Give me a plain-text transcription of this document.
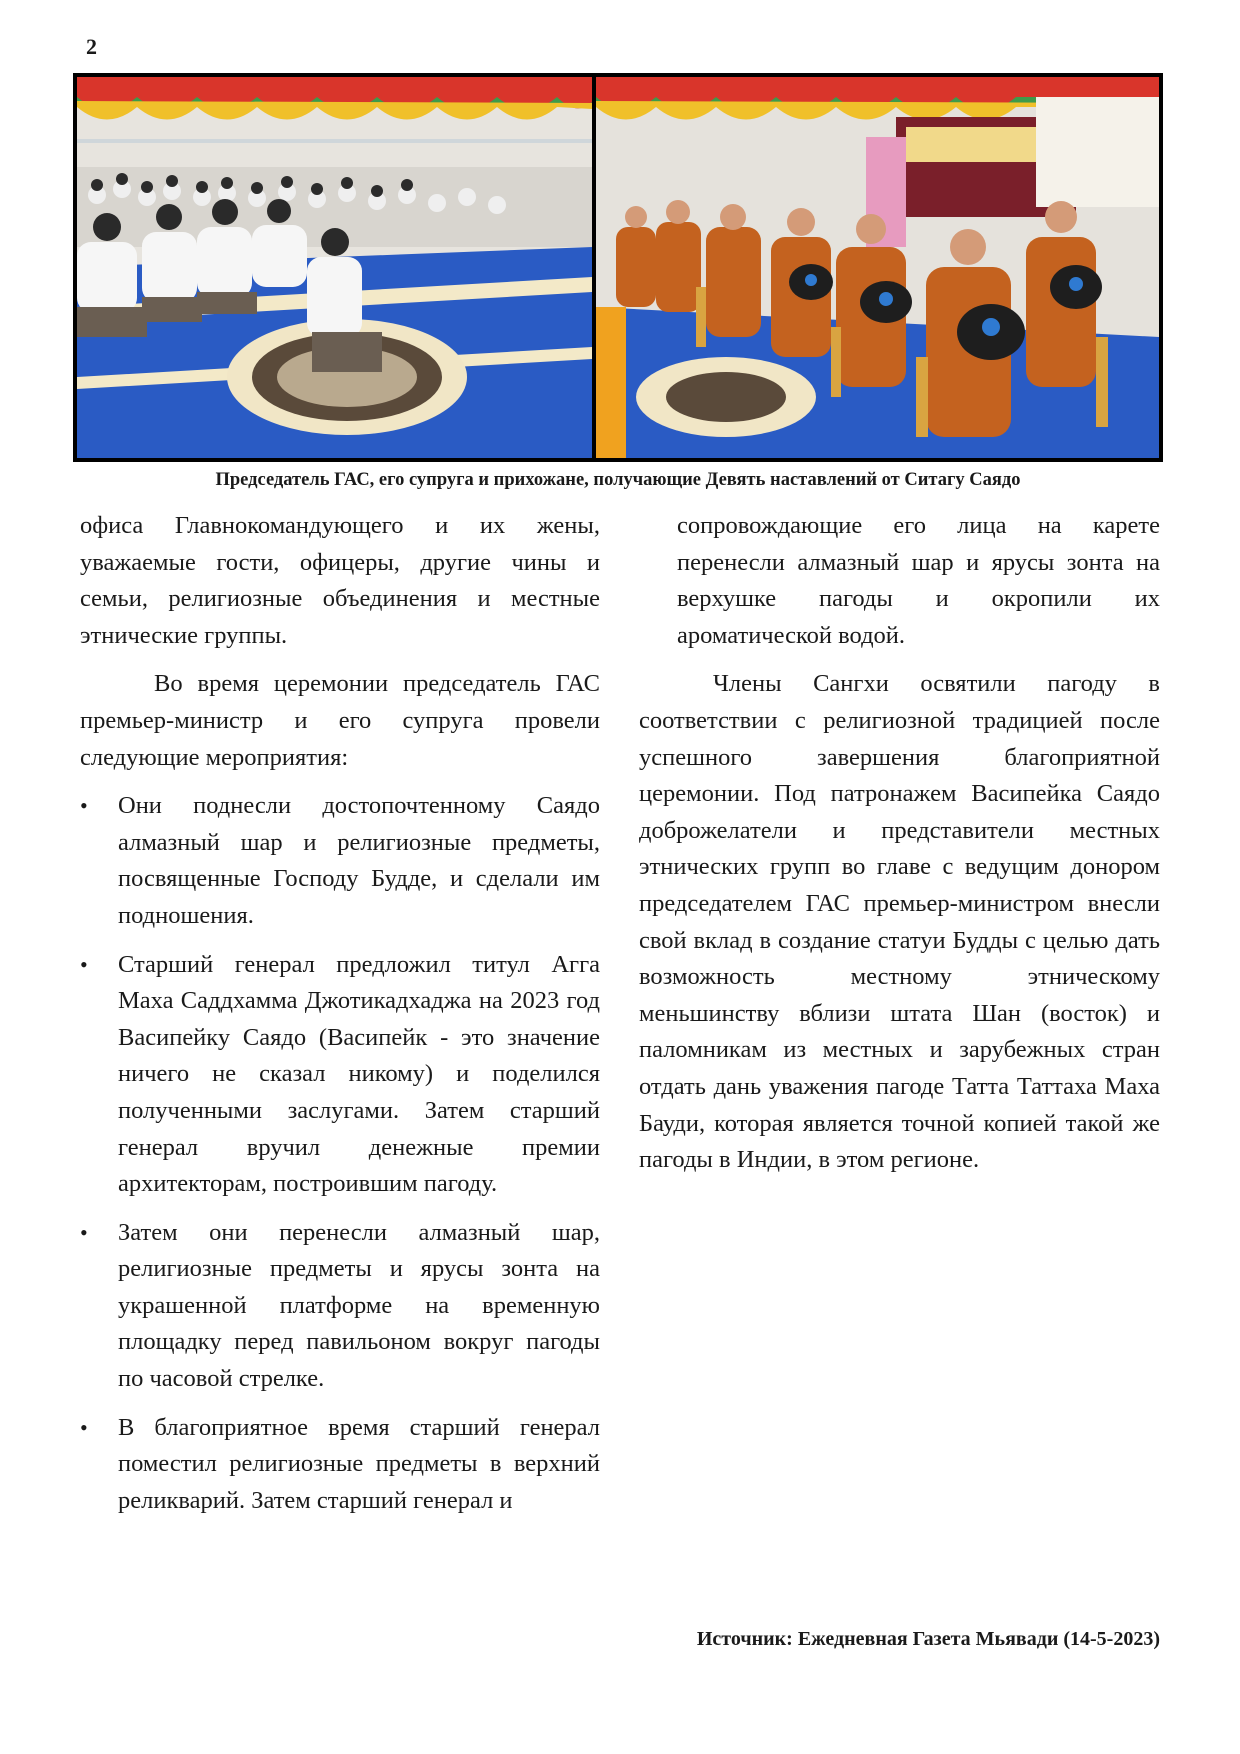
2
Председатель ГАС, его супруга и прихожане, получающие Девять наставлений от Ситагу Саядо

офиса Главнокомандующего и их жены, уважаемые гости, офицеры, другие чины и семьи, религиозные объединения и местные этнические группы.

Во время церемонии председатель ГАС премьер-министр и его супруга провели следующие мероприятия:

• Они поднесли достопочтенному Саядо алмазный шар и религиозные предметы, посвященные Господу Будде, и сделали им подношения.
• Старший генерал предложил титул Агга Маха Саддхамма Джотикадхаджа на 2023 год Васипейку Саядо (Васипейк - это значение ничего не сказал никому) и поделился полученными заслугами. Затем старший генерал вручил денежные премии архитекторам, построившим пагоду.
• Затем они перенесли алмазный шар, религиозные предметы и ярусы зонта на украшенной платформе на временную площадку перед павильоном вокруг пагоды по часовой стрелке.
• В благоприятное время старший генерал поместил религиозные предметы в верхний реликварий. Затем старший генерал и

сопровождающие его лица на карете перенесли алмазный шар и ярусы зонта на верхушке пагоды и окропили их ароматической водой.

Члены Сангхи освятили пагоду в соответствии с религиозной традицией после успешного завершения благоприятной церемонии. Под патронажем Васипейка Саядо доброжелатели и представители местных этнических групп во главе с ведущим донором председателем ГАС премьер-министром внесли свой вклад в создание статуи Будды с целью дать возможность местному этническому меньшинству вблизи штата Шан (восток) и паломникам из местных и зарубежных стран отдать дань уважения пагоде Татта Таттаха Маха Бауди, которая является точной копией такой же пагоды в Индии, в этом регионе.

Источник: Ежедневная Газета Мьявади (14-5-2023)
